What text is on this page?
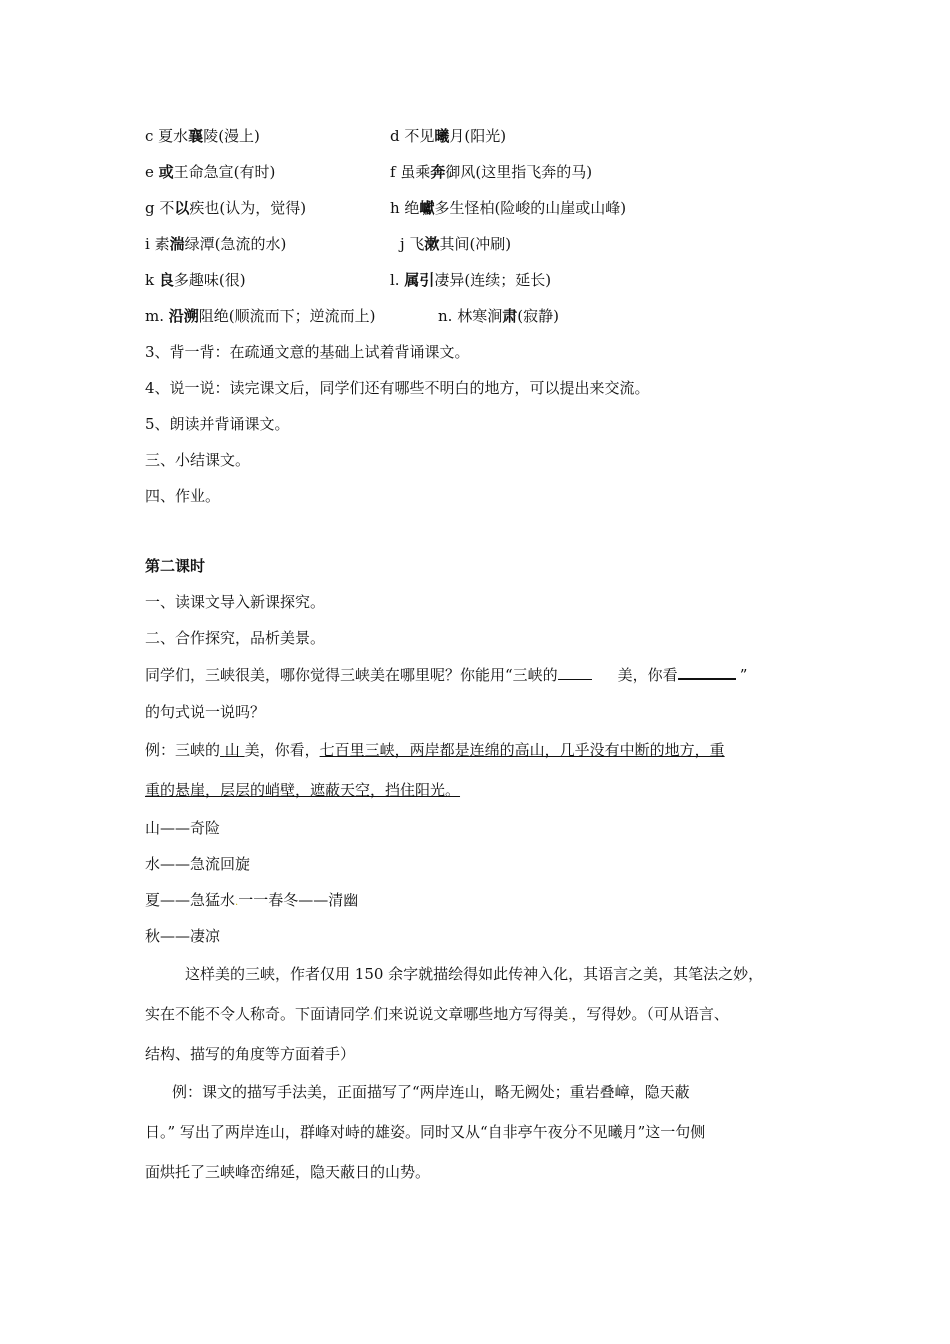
c 夏水襄陵(漫上)	d 不见曦月(阳光)
e 或王命急宣(有时)	f 虽乘奔御风(这里指飞奔的马)
g 不以疾也(认为，觉得)	h 绝巘多生怪柏(险峻的山崖或山峰)
i 素湍绿潭(急流的水)	j 飞漱其间(冲刷)
k 良多趣味(很)	l. 属引凄异(连续；延长)
m. 沿溯阻绝(顺流而下；逆流而上)	n. 林寒涧肃(寂静)
3、背一背：在疏通文意的基础上试着背诵课文。
4、说一说：读完课文后，同学们还有哪些不明白的地方，可以提出来交流。
5、朗读并背诵课文。
三、小结课文。
四、作业。
第二课时
一、读课文导入新课探究。
二、合作探究，品析美景。
同学们，三峡很美，哪你觉得三峡美在哪里呢？你能用“三峡的	美，你看	”
的句式说一说吗？
例：三峡的 山 美，你看，七百里三峡，两岸都是连绵的高山，几乎没有中断的地方，重
重的悬崖，层层的峭壁，遮蔽天空，挡住阳光。
山——奇险
水——急流回旋
夏——急猛水.一一春冬——清幽
秋——凄凉
这样美的三峡，作者仅用 150 余字就描绘得如此传神入化，其语言之美，其笔法之妙，
实在不能不令人称奇。下面请同学.们来说说文章哪些地方写得美.，写得妙。（可从语言、
结构、描写的角度等方面着手）
例：课文的描写手法美，正面描写了“两岸连山，略无阙处；重岩叠嶂，隐天蔽
日。” 写出了两岸连山，群峰对峙的雄姿。同时又从“自非亭午夜分不见曦月”这一句侧
面烘托了三峡峰峦绵延，隐天蔽日的山势。
